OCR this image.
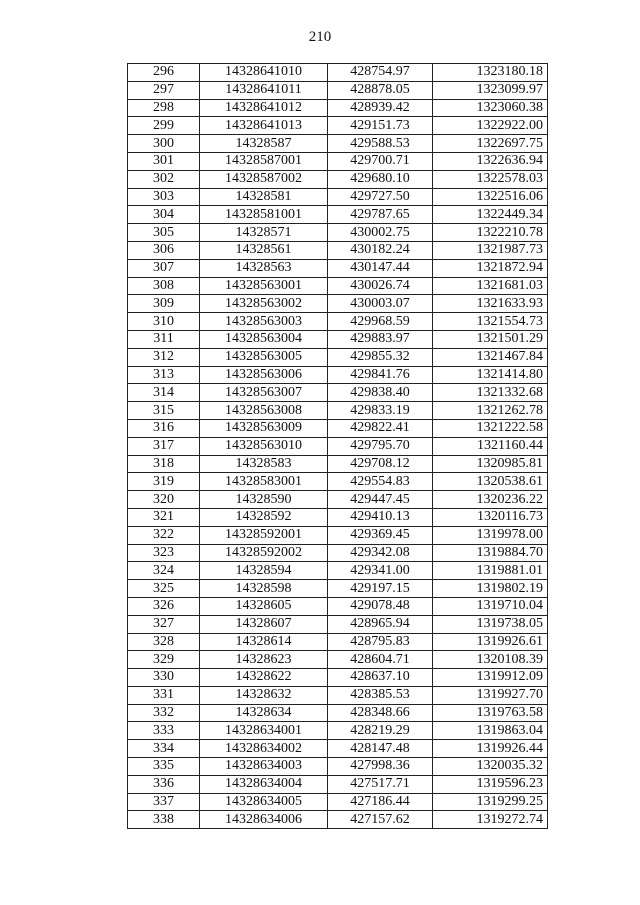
210
296	14328641010	428754.97	1323180.18
297	14328641011	428878.05	1323099.97
298	14328641012	428939.42	1323060.38
299	14328641013	429151.73	1322922.00
300	14328587	429588.53	1322697.75
301	14328587001	429700.71	1322636.94
302	14328587002	429680.10	1322578.03
303	14328581	429727.50	1322516.06
304	14328581001	429787.65	1322449.34
305	14328571	430002.75	1322210.78
306	14328561	430182.24	1321987.73
307	14328563	430147.44	1321872.94
308	14328563001	430026.74	1321681.03
309	14328563002	430003.07	1321633.93
310	14328563003	429968.59	1321554.73
311	14328563004	429883.97	1321501.29
312	14328563005	429855.32	1321467.84
313	14328563006	429841.76	1321414.80
314	14328563007	429838.40	1321332.68
315	14328563008	429833.19	1321262.78
316	14328563009	429822.41	1321222.58
317	14328563010	429795.70	1321160.44
318	14328583	429708.12	1320985.81
319	14328583001	429554.83	1320538.61
320	14328590	429447.45	1320236.22
321	14328592	429410.13	1320116.73
322	14328592001	429369.45	1319978.00
323	14328592002	429342.08	1319884.70
324	14328594	429341.00	1319881.01
325	14328598	429197.15	1319802.19
326	14328605	429078.48	1319710.04
327	14328607	428965.94	1319738.05
328	14328614	428795.83	1319926.61
329	14328623	428604.71	1320108.39
330	14328622	428637.10	1319912.09
331	14328632	428385.53	1319927.70
332	14328634	428348.66	1319763.58
333	14328634001	428219.29	1319863.04
334	14328634002	428147.48	1319926.44
335	14328634003	427998.36	1320035.32
336	14328634004	427517.71	1319596.23
337	14328634005	427186.44	1319299.25
338	14328634006	427157.62	1319272.74
